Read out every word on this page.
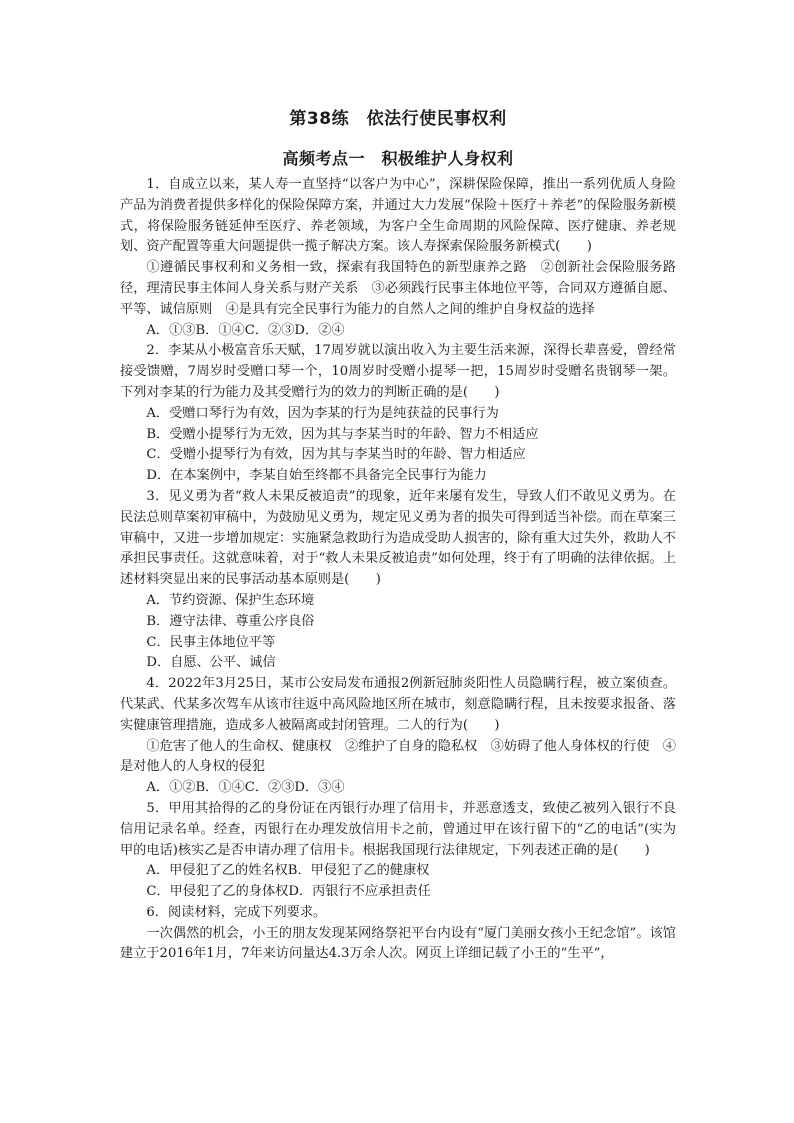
第38练　依法行使民事权利
高频考点一　积极维护人身权利

1．自成立以来，某人寿一直坚持“以客户为中心”，深耕保险保障，推出一系列优质人身险产品为消费者提供多样化的保险保障方案，并通过大力发展“保险＋医疗＋养老”的保险服务新模式，将保险服务链延伸至医疗、养老领域，为客户全生命周期的风险保障、医疗健康、养老规划、资产配置等重大问题提供一揽子解决方案。该人寿探索保险服务新模式(　　)

①遵循民事权利和义务相一致，探索有我国特色的新型康养之路　②创新社会保险服务路径，理清民事主体间人身关系与财产关系　③必须践行民事主体地位平等，合同双方遵循自愿、平等、诚信原则　④是具有完全民事行为能力的自然人之间的维护自身权益的选择

A．①③B．①④C．②③D．②④

2．李某从小极富音乐天赋，17周岁就以演出收入为主要生活来源，深得长辈喜爱，曾经常接受馈赠，7周岁时受赠口琴一个，10周岁时受赠小提琴一把，15周岁时受赠名贵钢琴一架。下列对李某的行为能力及其受赠行为的效力的判断正确的是(　　)

A．受赠口琴行为有效，因为李某的行为是纯获益的民事行为

B．受赠小提琴行为无效，因为其与李某当时的年龄、智力不相适应

C．受赠小提琴行为有效，因为其与李某当时的年龄、智力相适应

D．在本案例中，李某自始至终都不具备完全民事行为能力

3．见义勇为者“救人未果反被追责”的现象，近年来屡有发生，导致人们不敢见义勇为。在民法总则草案初审稿中，为鼓励见义勇为，规定见义勇为者的损失可得到适当补偿。而在草案三审稿中，又进一步增加规定：实施紧急救助行为造成受助人损害的，除有重大过失外，救助人不承担民事责任。这就意味着，对于“救人未果反被追责”如何处理，终于有了明确的法律依据。上述材料突显出来的民事活动基本原则是(　　)

A．节约资源、保护生态环境

B．遵守法律、尊重公序良俗

C．民事主体地位平等

D．自愿、公平、诚信

4．2022年3月25日，某市公安局发布通报2例新冠肺炎阳性人员隐瞒行程，被立案侦查。代某武、代某多次驾车从该市往返中高风险地区所在城市，刻意隐瞒行程，且未按要求报备、落实健康管理措施，造成多人被隔离或封闭管理。二人的行为(　　)

①危害了他人的生命权、健康权　②维护了自身的隐私权　③妨碍了他人身体权的行使　④是对他人的人身权的侵犯

A．①②B．①④C．②③D．③④

5．甲用其拾得的乙的身份证在丙银行办理了信用卡，并恶意透支，致使乙被列入银行不良信用记录名单。经查，丙银行在办理发放信用卡之前，曾通过甲在该行留下的“乙的电话”(实为甲的电话)核实乙是否申请办理了信用卡。根据我国现行法律规定，下列表述正确的是(　　)

A．甲侵犯了乙的姓名权B．甲侵犯了乙的健康权

C．甲侵犯了乙的身体权D．丙银行不应承担责任

6．阅读材料，完成下列要求。

一次偶然的机会，小王的朋友发现某网络祭祀平台内设有“厦门美丽女孩小王纪念馆”。该馆建立于2016年1月，7年来访问量达4.3万余人次。网页上详细记载了小王的“生平”，
